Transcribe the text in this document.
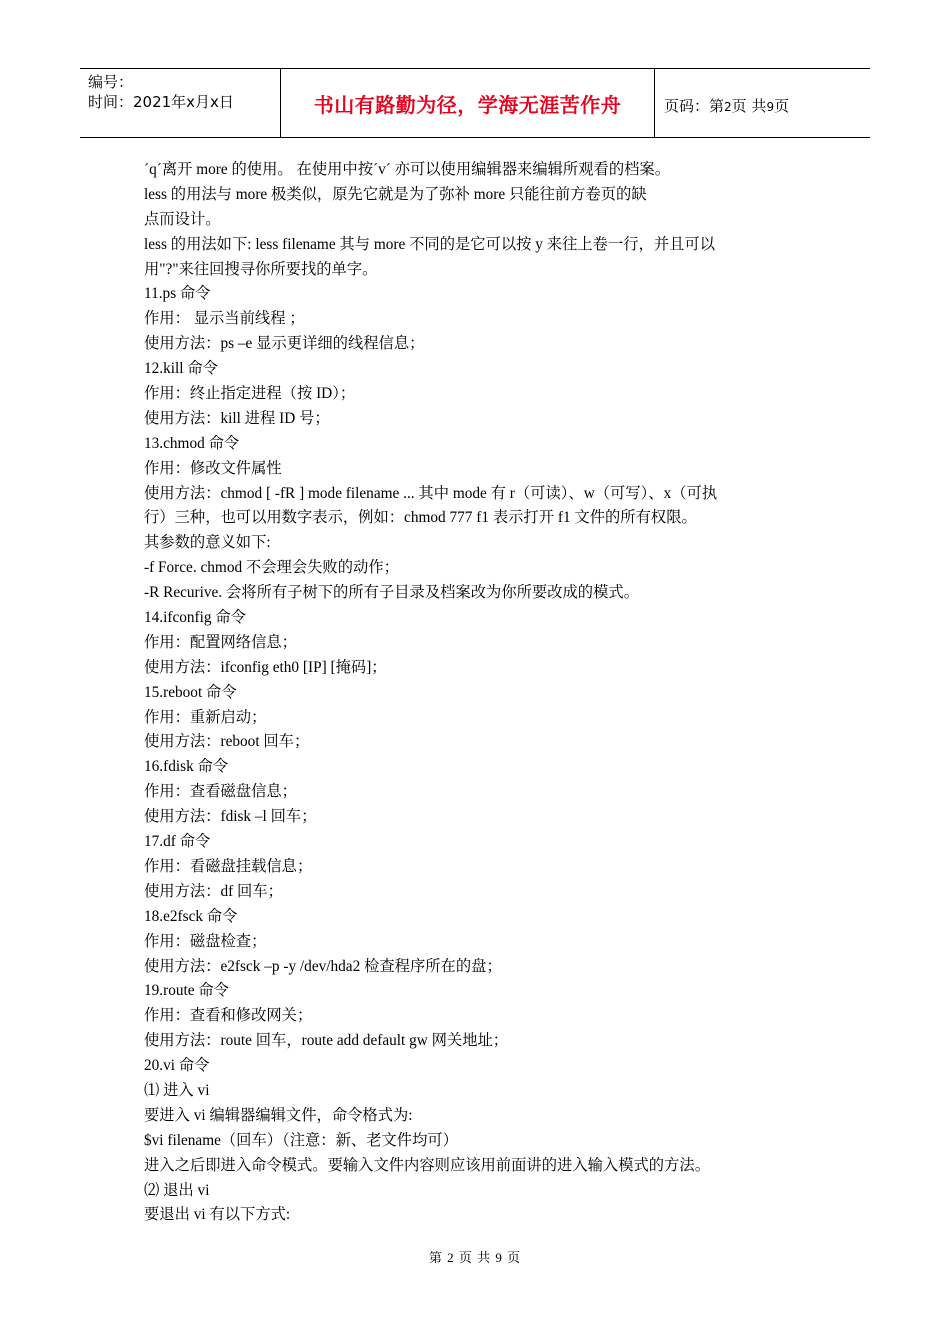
编号：
时间：2021年x月x日	书山有路勤为径，学海无涯苦作舟	页码：第2页 共9页

´q´离开 more 的使用。 在使用中按´v´ 亦可以使用编辑器来编辑所观看的档案。

less 的用法与 more 极类似，原先它就是为了弥补 more 只能往前方卷页的缺

点而设计。

less 的用法如下: less filename 其与 more 不同的是它可以按 y 来往上卷一行，并且可以

用"?"来往回搜寻你所要找的单字。

11.ps 命令

作用： 显示当前线程 ；

使用方法：ps –e 显示更详细的线程信息；

12.kill 命令

作用：终止指定进程（按 ID）；

使用方法：kill 进程 ID 号；

13.chmod 命令

作用：修改文件属性

使用方法：chmod [ -fR ] mode filename ... 其中 mode 有 r（可读）、w（可写）、x（可执

行）三种，也可以用数字表示，例如：chmod 777 f1 表示打开 f1 文件的所有权限。

其参数的意义如下:

-f Force. chmod 不会理会失败的动作；

-R Recurive. 会将所有子树下的所有子目录及档案改为你所要改成的模式。

14.ifconfig 命令

作用：配置网络信息；

使用方法：ifconfig eth0 [IP] [掩码]；

15.reboot 命令

作用：重新启动；

使用方法：reboot 回车；

16.fdisk 命令

作用：查看磁盘信息；

使用方法：fdisk –l 回车；

17.df 命令

作用：看磁盘挂载信息；

使用方法：df 回车；

18.e2fsck 命令

作用：磁盘检查；

使用方法：e2fsck –p -y /dev/hda2 检查程序所在的盘；

19.route 命令

作用：查看和修改网关；

使用方法：route 回车，route add default gw 网关地址；

20.vi 命令

⑴ 进入 vi

要进入 vi 编辑器编辑文件，命令格式为:

$vi filename（回车）（注意：新、老文件均可）

进入之后即进入命令模式。要输入文件内容则应该用前面讲的进入输入模式的方法。

⑵ 退出 vi

要退出 vi 有以下方式:

第 2 页 共 9 页
